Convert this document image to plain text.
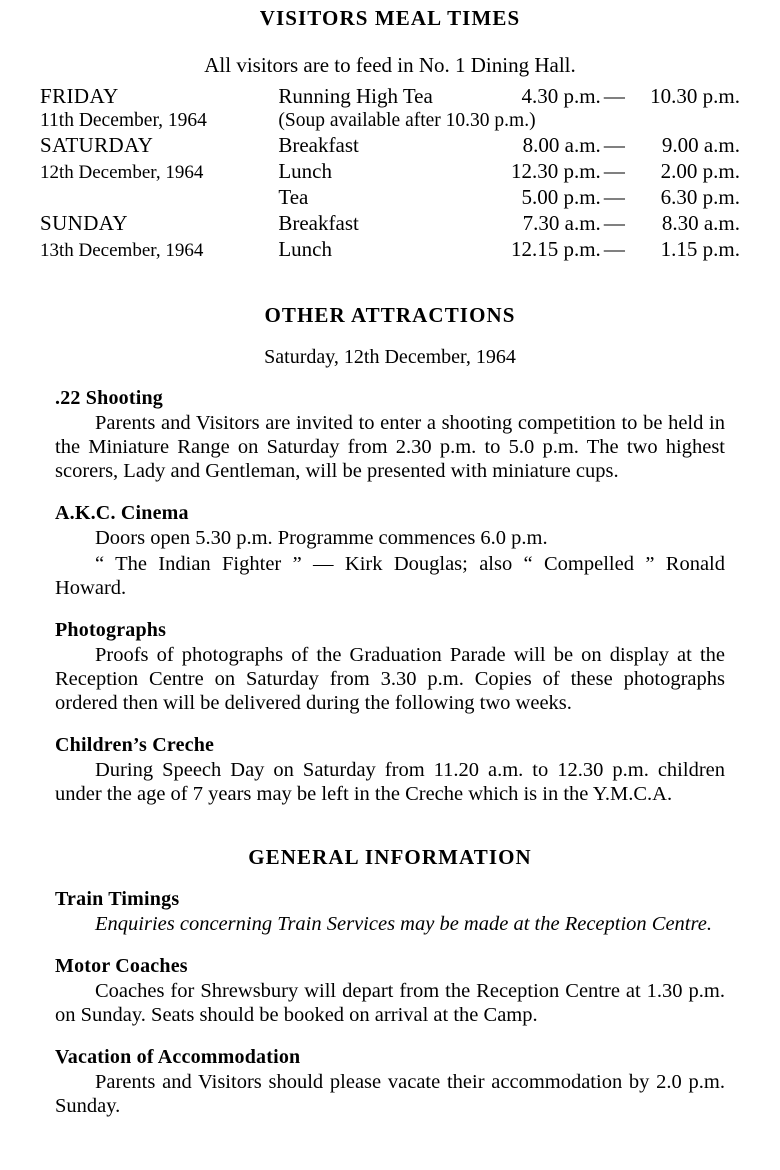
VISITORS MEAL TIMES
All visitors are to feed in No. 1 Dining Hall.
FRIDAY	Running High Tea	4.30 p.m.	—	10.30 p.m.
11th December, 1964	(Soup available after 10.30 p.m.)			
SATURDAY	Breakfast	8.00 a.m.	—	9.00 a.m.
12th December, 1964	Lunch	12.30 p.m.	—	2.00 p.m.
	Tea	5.00 p.m.	—	6.30 p.m.
SUNDAY	Breakfast	7.30 a.m.	—	8.30 a.m.
13th December, 1964	Lunch	12.15 p.m.	—	1.15 p.m.
OTHER ATTRACTIONS
Saturday, 12th December, 1964
.22 Shooting

Parents and Visitors are invited to enter a shooting competition to be held in the Miniature Range on Saturday from 2.30 p.m. to 5.0 p.m. The two highest scorers, Lady and Gentleman, will be presented with miniature cups.

A.K.C. Cinema

Doors open 5.30 p.m. Programme commences 6.0 p.m.

“ The Indian Fighter ” — Kirk Douglas; also “ Compelled ” Ronald Howard.

Photographs

Proofs of photographs of the Graduation Parade will be on display at the Reception Centre on Saturday from 3.30 p.m. Copies of these photographs ordered then will be delivered during the following two weeks.

Children’s Creche

During Speech Day on Saturday from 11.20 a.m. to 12.30 p.m. children under the age of 7 years may be left in the Creche which is in the Y.M.C.A.

GENERAL INFORMATION
Train Timings

Enquiries concerning Train Services may be made at the Reception Centre.

Motor Coaches

Coaches for Shrewsbury will depart from the Reception Centre at 1.30 p.m. on Sunday. Seats should be booked on arrival at the Camp.

Vacation of Accommodation

Parents and Visitors should please vacate their accommodation by 2.0 p.m. Sunday.
